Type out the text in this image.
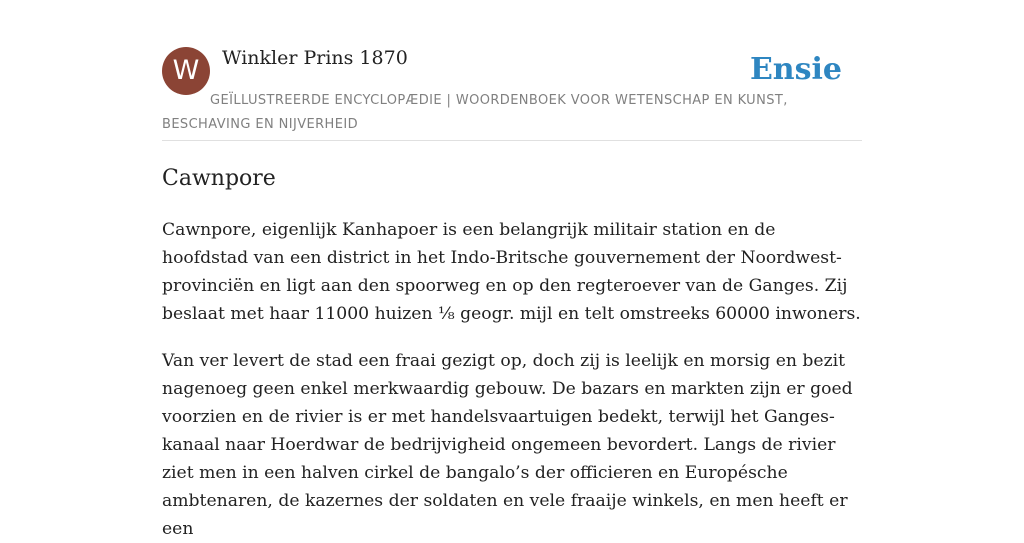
W	Winkler Prins 1870
GEÏLLUSTREERDE ENCYCLOPÆDIE | WOORDENBOEK VOOR WETENSCHAP EN KUNST, BESCHAVING EN NIJVERHEID
Ensie
Cawnpore

Cawnpore, eigenlijk Kanhapoer is een belangrijk militair station en de hoofdstad van een district in het Indo-Britsche gouvernement der Noordwest-provinciën en ligt aan den spoorweg en op den regteroever van de Ganges. Zij beslaat met haar 11000 huizen ⅛ geogr. mijl en telt omstreeks 60000 inwoners.

Van ver levert de stad een fraai gezigt op, doch zij is leelijk en morsig en bezit nagenoeg geen enkel merkwaardig gebouw. De bazars en markten zijn er goed voorzien en de rivier is er met handelsvaartuigen bedekt, terwijl het Ganges-kanaal naar Hoerdwar de bedrijvigheid ongemeen bevordert. Langs de rivier ziet men in een halven cirkel de bangalo’s der officieren en Europésche ambtenaren, de kazernes der soldaten en vele fraaije winkels, en men heeft er een
